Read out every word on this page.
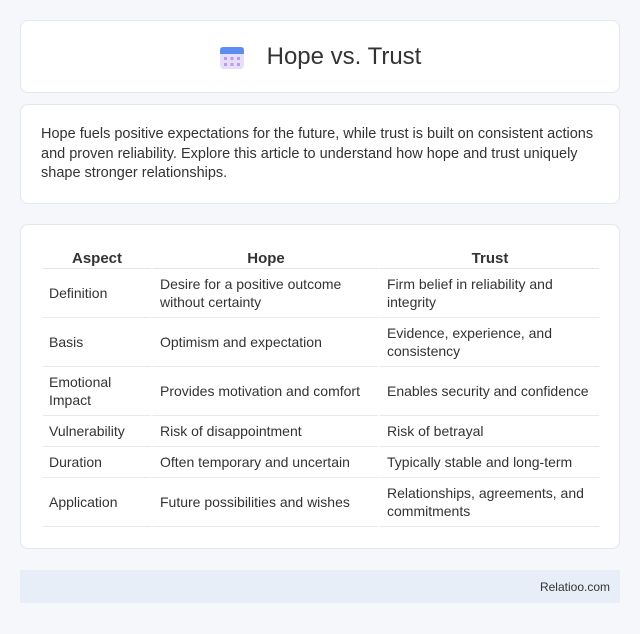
Hope vs. Trust

Hope fuels positive expectations for the future, while trust is built on consistent actions and proven reliability. Explore this article to understand how hope and trust uniquely shape stronger relationships.

Aspect	Hope	Trust
Definition	Desire for a positive outcome without certainty	Firm belief in reliability and integrity
Basis	Optimism and expectation	Evidence, experience, and consistency
Emotional Impact	Provides motivation and comfort	Enables security and confidence
Vulnerability	Risk of disappointment	Risk of betrayal
Duration	Often temporary and uncertain	Typically stable and long-term
Application	Future possibilities and wishes	Relationships, agreements, and commitments
Relatioo.com
